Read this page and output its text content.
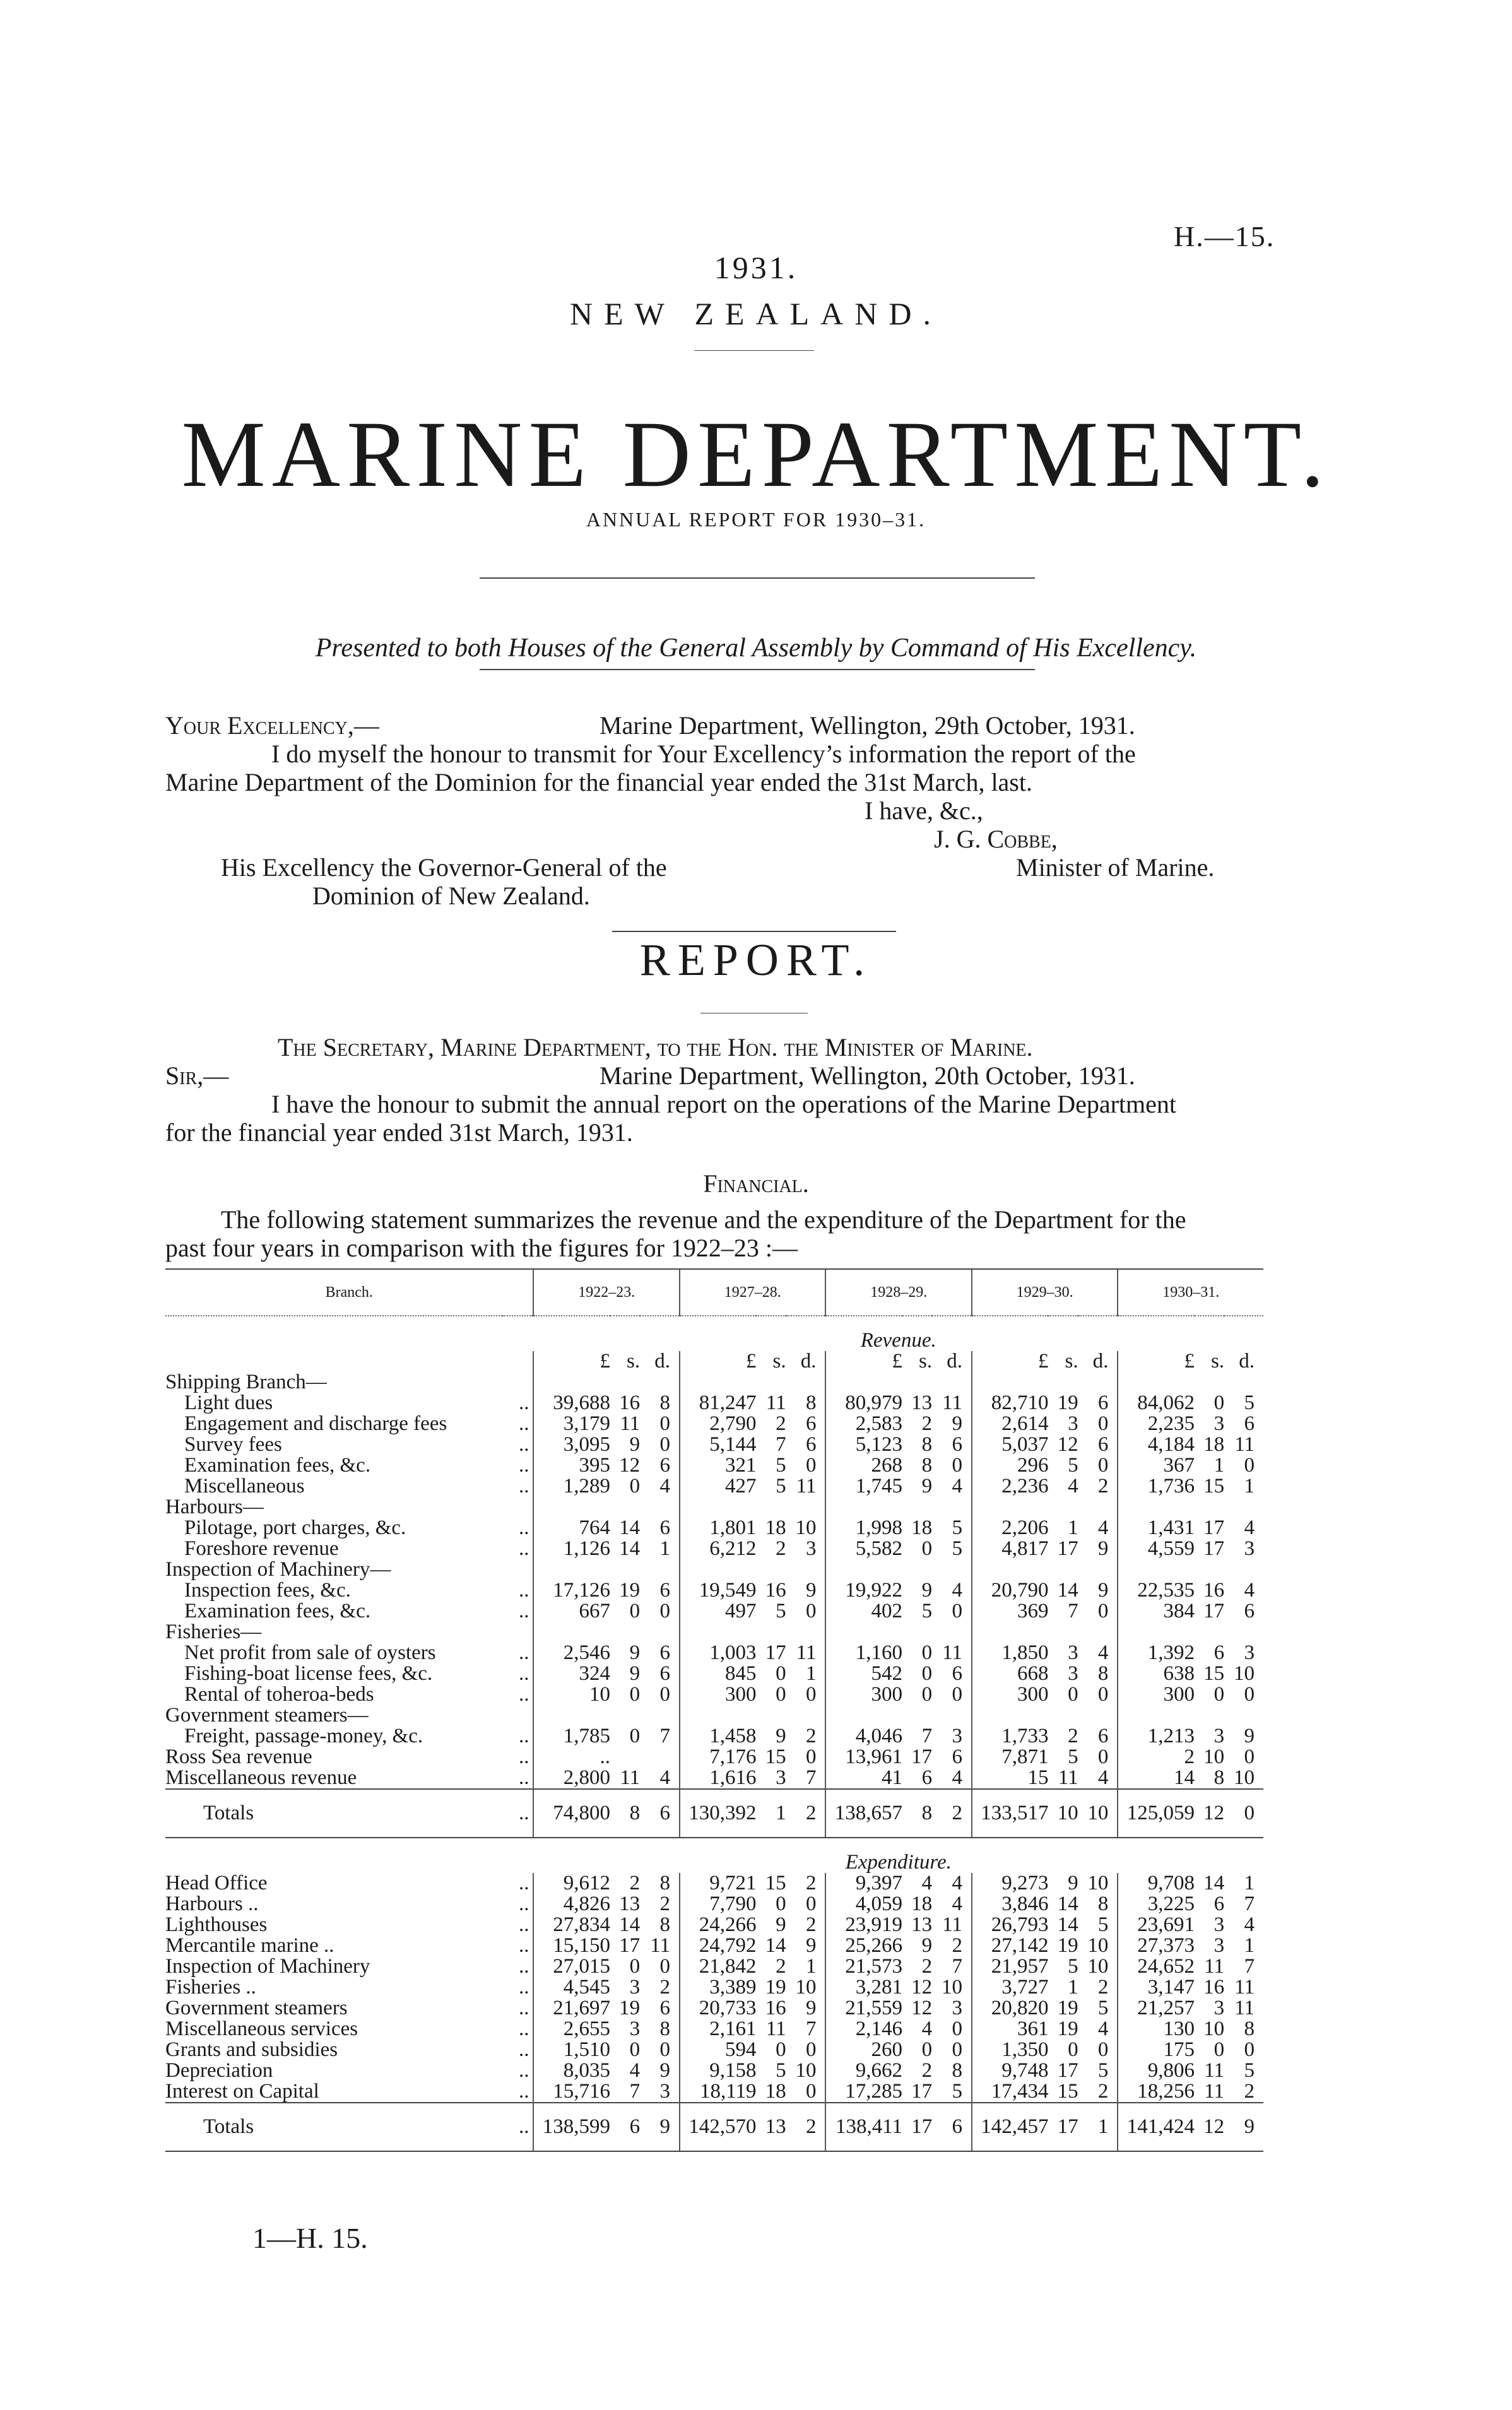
H.—15.
1931.
NEW ZEALAND.
MARINE DEPARTMENT.
ANNUAL REPORT FOR 1930–31.
Presented to both Houses of the General Assembly by Command of His Excellency.
Your Excellency,—	Marine Department, Wellington, 29th October, 1931.
I do myself the honour to transmit for Your Excellency’s information the report of the
Marine Department of the Dominion for the financial year ended the 31st March, last.
I have, &c.,
J. G. Cobbe,
His Excellency the Governor-General of the	Minister of Marine.
Dominion of New Zealand.
REPORT.
The Secretary, Marine Department, to the Hon. the Minister of Marine.
Sir,—	Marine Department, Wellington, 20th October, 1931.
I have the honour to submit the annual report on the operations of the Marine Department
for the financial year ended 31st March, 1931.
Financial.
The following statement summarizes the revenue and the expenditure of the Department for the
past four years in comparison with the figures for 1922–23 :—
Branch.		1922–23.			1927–28.			1928–29.			1929–30.			1930–31.		
		Revenue.														
		£	s.	d.	£	s.	d.	£	s.	d.	£	s.	d.	£	s.	d.
Shipping Branch—																
Light dues	..	39,688	16	8	81,247	11	8	80,979	13	11	82,710	19	6	84,062	0	5
Engagement and discharge fees	..	3,179	11	0	2,790	2	6	2,583	2	9	2,614	3	0	2,235	3	6
Survey fees	..	3,095	9	0	5,144	7	6	5,123	8	6	5,037	12	6	4,184	18	11
Examination fees, &c.	..	395	12	6	321	5	0	268	8	0	296	5	0	367	1	0
Miscellaneous	..	1,289	0	4	427	5	11	1,745	9	4	2,236	4	2	1,736	15	1
Harbours—																
Pilotage, port charges, &c.	..	764	14	6	1,801	18	10	1,998	18	5	2,206	1	4	1,431	17	4
Foreshore revenue	..	1,126	14	1	6,212	2	3	5,582	0	5	4,817	17	9	4,559	17	3
Inspection of Machinery—																
Inspection fees, &c.	..	17,126	19	6	19,549	16	9	19,922	9	4	20,790	14	9	22,535	16	4
Examination fees, &c.	..	667	0	0	497	5	0	402	5	0	369	7	0	384	17	6
Fisheries—																
Net profit from sale of oysters	..	2,546	9	6	1,003	17	11	1,160	0	11	1,850	3	4	1,392	6	3
Fishing-boat license fees, &c.	..	324	9	6	845	0	1	542	0	6	668	3	8	638	15	10
Rental of toheroa-beds	..	10	0	0	300	0	0	300	0	0	300	0	0	300	0	0
Government steamers—																
Freight, passage-money, &c.	..	1,785	0	7	1,458	9	2	4,046	7	3	1,733	2	6	1,213	3	9
Ross Sea revenue	..	..			7,176	15	0	13,961	17	6	7,871	5	0	2	10	0
Miscellaneous revenue	..	2,800	11	4	1,616	3	7	41	6	4	15	11	4	14	8	10
Totals	..	74,800	8	6	130,392	1	2	138,657	8	2	133,517	10	10	125,059	12	0
		Expenditure.														
Head Office	..	9,612	2	8	9,721	15	2	9,397	4	4	9,273	9	10	9,708	14	1
Harbours ..	..	4,826	13	2	7,790	0	0	4,059	18	4	3,846	14	8	3,225	6	7
Lighthouses	..	27,834	14	8	24,266	9	2	23,919	13	11	26,793	14	5	23,691	3	4
Mercantile marine ..	..	15,150	17	11	24,792	14	9	25,266	9	2	27,142	19	10	27,373	3	1
Inspection of Machinery	..	27,015	0	0	21,842	2	1	21,573	2	7	21,957	5	10	24,652	11	7
Fisheries ..	..	4,545	3	2	3,389	19	10	3,281	12	10	3,727	1	2	3,147	16	11
Government steamers	..	21,697	19	6	20,733	16	9	21,559	12	3	20,820	19	5	21,257	3	11
Miscellaneous services	..	2,655	3	8	2,161	11	7	2,146	4	0	361	19	4	130	10	8
Grants and subsidies	..	1,510	0	0	594	0	0	260	0	0	1,350	0	0	175	0	0
Depreciation	..	8,035	4	9	9,158	5	10	9,662	2	8	9,748	17	5	9,806	11	5
Interest on Capital	..	15,716	7	3	18,119	18	0	17,285	17	5	17,434	15	2	18,256	11	2
Totals	..	138,599	6	9	142,570	13	2	138,411	17	6	142,457	17	1	141,424	12	9
1—H. 15.
